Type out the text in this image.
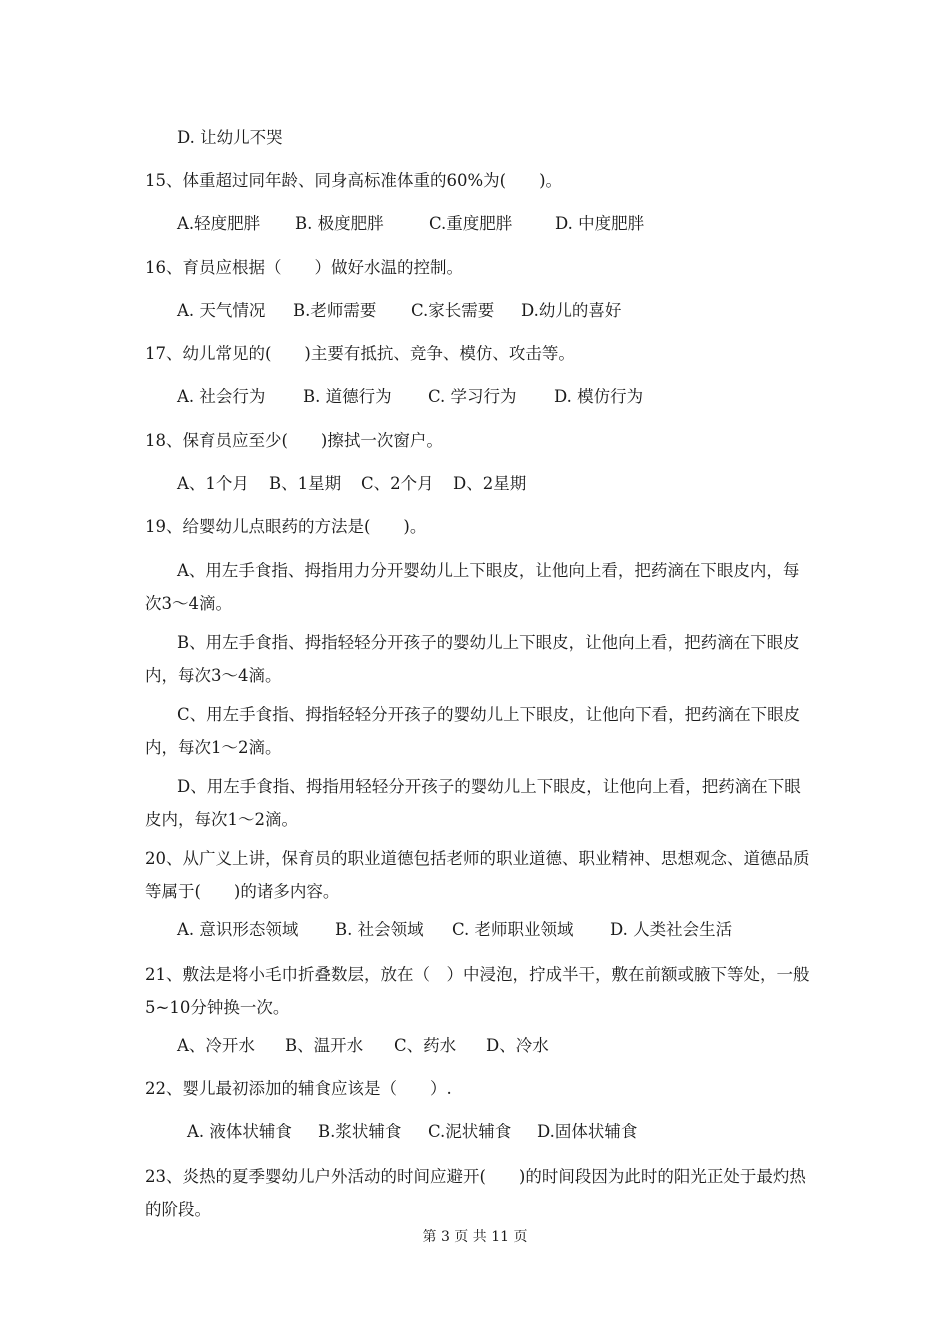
D. 让幼儿不哭
15、体重超过同年龄、同身高标准体重的60%为(　　)。
A.轻度肥胖 B. 极度肥胖	C.重度肥胖	D. 中度肥胖
16、育员应根据（　　）做好水温的控制。
A. 天气情况 B.老师需要 C.家长需要 D.幼儿的喜好
17、幼儿常见的(　　)主要有抵抗、竞争、模仿、攻击等。
A. 社会行为 B. 道德行为 C. 学习行为 D. 模仿行为
18、保育员应至少(　　)擦拭一次窗户。
A、1个月 B、1星期 C、2个月 D、2星期
19、给婴幼儿点眼药的方法是(　　)。
A、用左手食指、拇指用力分开婴幼儿上下眼皮，让他向上看，把药滴在下眼皮内，每次3～4滴。
B、用左手食指、拇指轻轻分开孩子的婴幼儿上下眼皮，让他向上看，把药滴在下眼皮内，每次3～4滴。
C、用左手食指、拇指轻轻分开孩子的婴幼儿上下眼皮，让他向下看，把药滴在下眼皮内，每次1～2滴。
D、用左手食指、拇指用轻轻分开孩子的婴幼儿上下眼皮，让他向上看，把药滴在下眼皮内，每次1～2滴。
20、从广义上讲，保育员的职业道德包括老师的职业道德、职业精神、思想观念、道德品质等属于(　　)的诸多内容。
A. 意识形态领域 B. 社会领域 C. 老师职业领域 D. 人类社会生活
21、敷法是将小毛巾折叠数层，放在（　）中浸泡，拧成半干，敷在前额或腋下等处，一般5~10分钟换一次。
A、冷开水 B、温开水 C、药水 D、冷水
22、婴儿最初添加的辅食应该是（　　）.
A. 液体状辅食 B.浆状辅食 C.泥状辅食 D.固体状辅食
23、炎热的夏季婴幼儿户外活动的时间应避开(　　)的时间段因为此时的阳光正处于最灼热的阶段。
第 3 页 共 11 页
